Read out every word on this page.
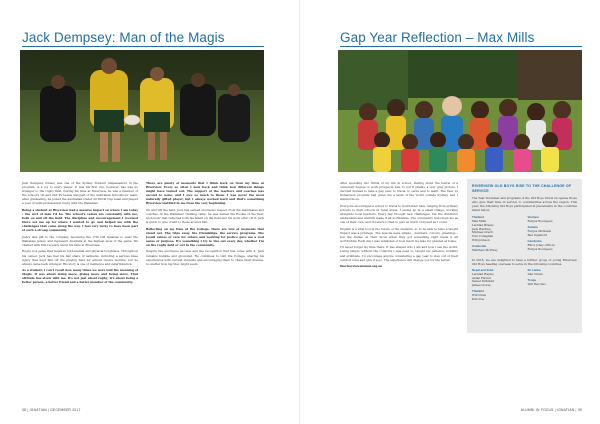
Jack Dempsey: Man of the Magis

Jack Dempsey (Class) was one of the Sydney Student Ambassadors in the program, is a joy to every player. It was his first run, however, has was no stranger to the rugby field. During his time at Riverview, he was a member of the school's 1st and 2nd XV teams and part of the Australian Schoolboys' team; after graduating, he joined the Australian Under 20 World Cup team and played a year of semi-professional rugby with the Wallabies.

Being a student at Riverview had a massive impact on where I am today – the sort of man I'd be. The school's values are constantly with me, both on and off the field. The discipline and encouragement I received there set me up for where I wanted to go and helped me with the challenges that came along the way. I feel very lucky to have been part of such a strong community.

Jack's late gift to the company, becoming the 17th Old Ignatian to wear the Wallabies jersey, and represent Australia at the highest level of the game. We chatted with him recently about his time at Riverview.

Rugby is a game that requires both mental and physical toughness. Throughout his career, Jack has had his fair share of setbacks, including a serious knee injury that kept him off the playing field for almost twelve months, but he always came back stronger. His story is one of resilience and determination.

As a student, I can't recall how many times we were told the meaning of Magis. It was about doing more, giving more and being more. That attitude has stuck with me. It's not just about rugby; it's about being a better person, a better friend and a better member of the community.

There are plenty of moments that I think back on from my time at Riverview. Every so often I look back and think how different things might have turned out. The support of the teachers and coaches was second to none, and I owe so much to them. I was never the most naturally gifted player, but I always worked hard and that's something Riverview instilled in me from the very beginning.

On and Off the field, Jack has earned enormous respect from his teammates and coaches. At the Wallabies' training camp, he was named the Rookie of the Year, an honour that reflected both his talent on the field and his work ethic off it. Jack is quick to give credit to those around him.

Reflecting on my time at the College, there are lots of moments that stand out. The trips away, the friendships, the service programs. The Jesuit values of care for others and working for justice gave me a real sense of purpose. It's something I try to live out every day, whether I'm on the rugby field or out in the community.

Despite the enormous success and the recognition that has come with it, Jack remains humble and grounded. He continues to visit the College, sharing his experiences with current students and encouraging them to chase their dreams, no matter how big they might seem.

38 | IGNATIAN | DECEMBER 2017
Gap Year Reflection – Max Mills

After spending two thirds of my life in school, staring down the barrel of a university degree or work prospects was, to put it plainly, a very gray picture. I decided instead to take a gap year, to travel, to serve and to learn. The Year 12 Immersion program had given me a taste of the world outside Sydney, and I wanted more.

Everyone encouraged a school to travel to South-East Asia, ranging from primary schools to high schools in rural areas. I ended up in a small village, working alongside local teachers. Every day brought new challenges, but the children's enthusiasm and warmth made it all worthwhile. The community welcomed me as one of their own, and in return I tried to give as much of myself as I could.

English is a vital tool in the future of the students, so to be able to have a taught impact was a privilege. The lessons were simple – numbers, colours, greetings – but the smiles on their faces when they got something right made it all worthwhile. Each day I was reminded of how much we take for granted at home.

I'll never forget my time there. It has shaped who I am and how I see the world. Living simply, without the comforts I was used to, taught me patience, humility and gratitude. I'd encourage anyone considering a gap year to step out of their comfort zone and give it a go. The experience will change you for the better.

theriverviewalumni.org.au

RIVERVIEW OLD BOYS RISE TO THE CHALLENGE OF SERVICE
The Year Volunteer and programs of the Old Boys Union recognise those who give their time in service to communities across the region. This year, the following Old Boys participated in placements in the countries listed below.
Thailand
Max Mills
Lachlan Brassy
Jack Harding
Michael Grech
Tom Conaghan
Will Johnson
Cambodia
Matthew McElvey
Vietnam
Fergus Bourgeois
Zambia
Fergus Michaels
Ben Ingleford
Cambodia
Elliot Jolley (Ofton)
Fergus Bourgeois
In 2018, we are delighted to have a further group of young Riverview Old Boys heading overseas to serve in the following countries.
Nepal and India
Lachlan Rapley
Aidan Farrell
Xavier Kirkland
James Dowey
Thailand
Will Draw
Kim Doe
Sri Lanka
Dan Nolan
Tonga
Will Bacchus
ALUMNI IN FOCUS | IGNATIAN | 39
